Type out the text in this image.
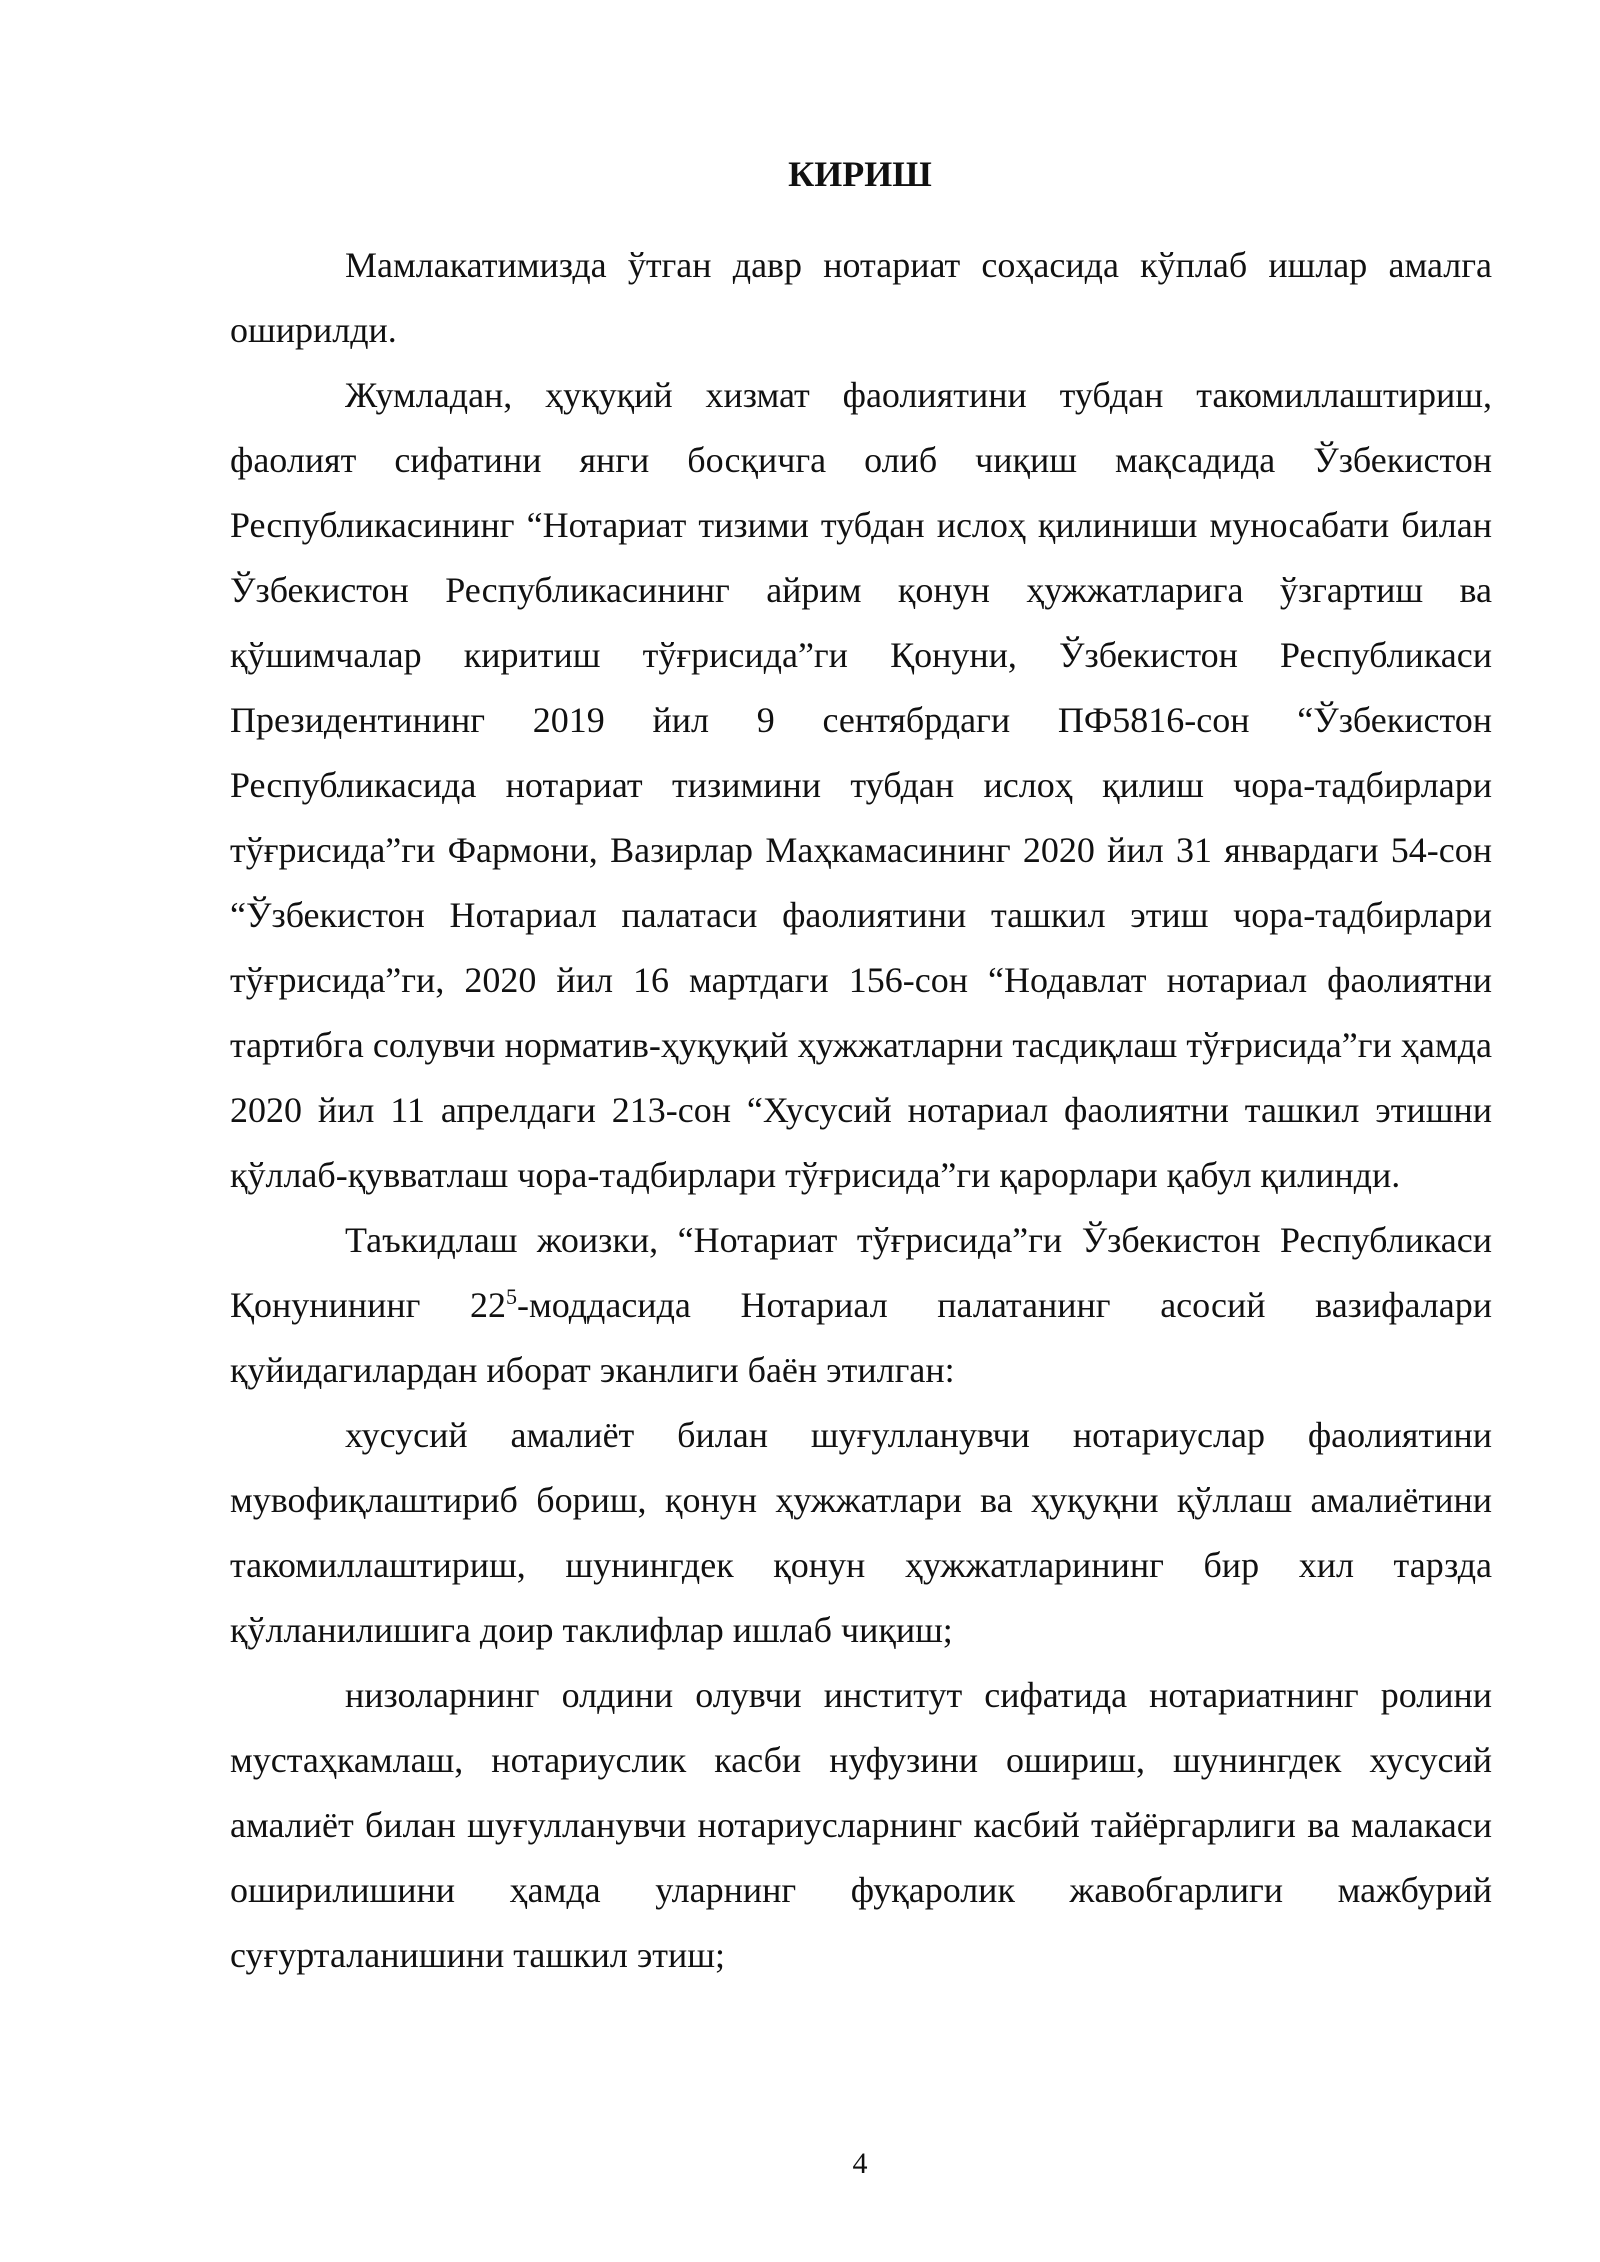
КИРИШ

Мамлакатимизда ўтган давр нотариат соҳасида кўплаб ишлар амалга оширилди.

Жумладан, ҳуқуқий хизмат фаолиятини тубдан такомиллаштириш, фаолият сифатини янги босқичга олиб чиқиш мақсадида Ўзбекистон Республикасининг “Нотариат тизими тубдан ислоҳ қилиниши муносабати билан Ўзбекистон Республикасининг айрим қонун ҳужжатларига ўзгартиш ва қўшимчалар киритиш тўғрисида”ги Қонуни, Ўзбекистон Республикаси Президентининг 2019 йил 9 сентябрдаги ПФ5816-сон “Ўзбекистон Республикасида нотариат тизимини тубдан ислоҳ қилиш чора-тадбирлари тўғрисида”ги Фармони, Вазирлар Маҳкамасининг 2020 йил 31 январдаги 54-сон “Ўзбекистон Нотариал палатаси фаолиятини ташкил этиш чора-тадбирлари тўғрисида”ги, 2020 йил 16 мартдаги 156-сон “Нодавлат нотариал фаолиятни тартибга солувчи норматив-ҳуқуқий ҳужжатларни тасдиқлаш тўғрисида”ги ҳамда 2020 йил 11 апрелдаги 213-сон “Хусусий нотариал фаолиятни ташкил этишни қўллаб-қувватлаш чора-тадбирлари тўғрисида”ги қарорлари қабул қилинди.

Таъкидлаш жоизки, “Нотариат тўғрисида”ги Ўзбекистон Республикаси Қонунининг $22^5$-моддасида Нотариал палатанинг асосий вазифалари қуйидагилардан иборат эканлиги баён этилган:

хусусий амалиёт билан шуғулланувчи нотариуслар фаолиятини мувофиқлаштириб бориш, қонун ҳужжатлари ва ҳуқуқни қўллаш амалиётини такомиллаштириш, шунингдек қонун ҳужжатларининг бир хил тарзда қўлланилишига доир таклифлар ишлаб чиқиш;

низоларнинг олдини олувчи институт сифатида нотариатнинг ролини мустаҳкамлаш, нотариуслик касби нуфузини ошириш, шунингдек хусусий амалиёт билан шуғулланувчи нотариусларнинг касбий тайёргарлиги ва малакаси оширилишини ҳамда уларнинг фуқаролик жавобгарлиги мажбурий суғурталанишини ташкил этиш;

4
